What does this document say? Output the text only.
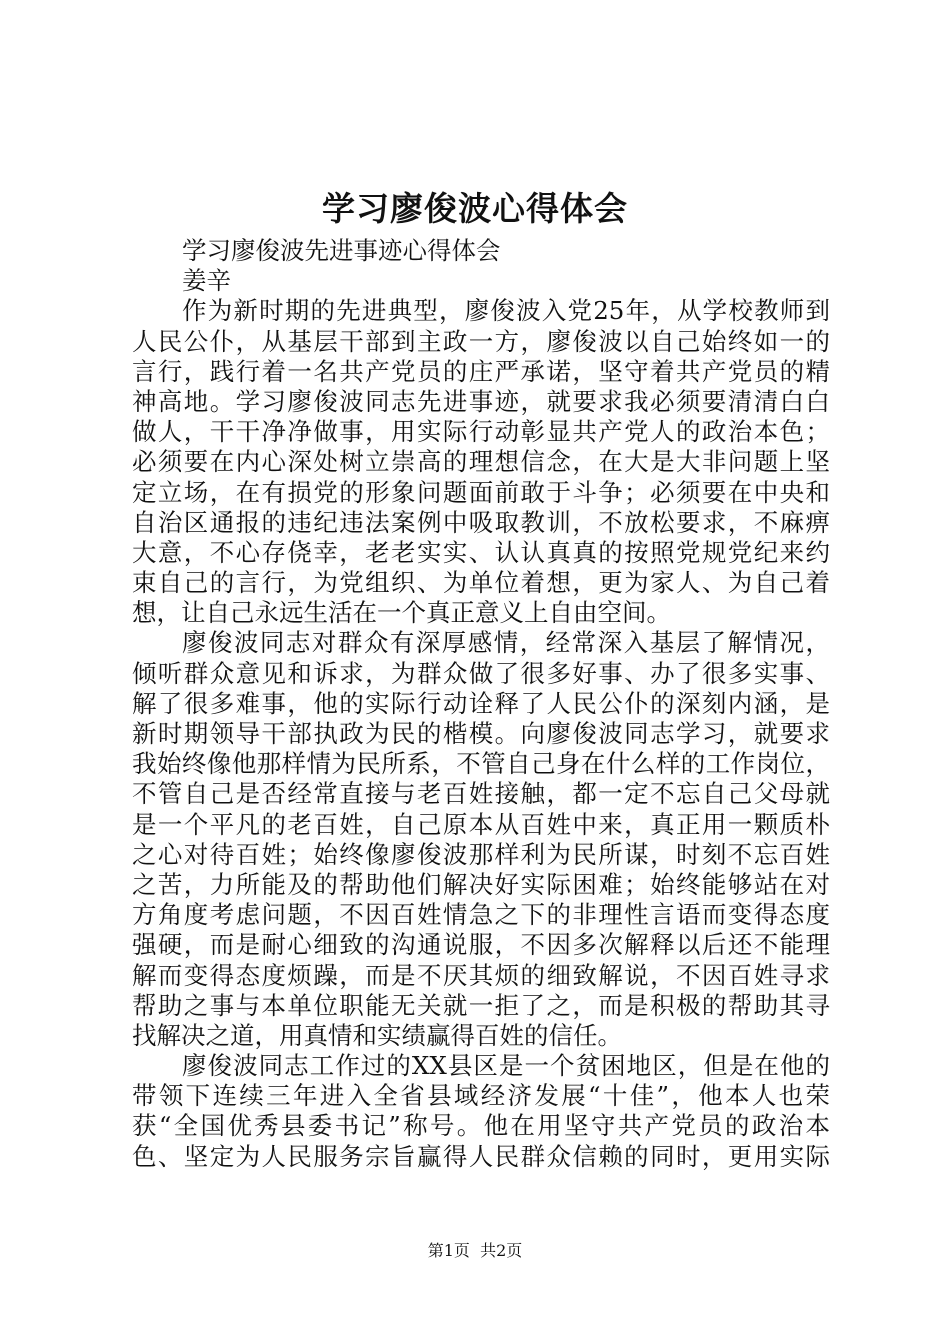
学习廖俊波心得体会
学习廖俊波先进事迹心得体会
姜辛
作为新时期的先进典型，廖俊波入党25年，从学校教师到
人民公仆，从基层干部到主政一方，廖俊波以自己始终如一的
言行，践行着一名共产党员的庄严承诺，坚守着共产党员的精
神高地。学习廖俊波同志先进事迹，就要求我必须要清清白白
做人，干干净净做事，用实际行动彰显共产党人的政治本色；
必须要在内心深处树立崇高的理想信念，在大是大非问题上坚
定立场，在有损党的形象问题面前敢于斗争；必须要在中央和
自治区通报的违纪违法案例中吸取教训，不放松要求，不麻痹
大意，不心存侥幸，老老实实、认认真真的按照党规党纪来约
束自己的言行，为党组织、为单位着想，更为家人、为自己着
想，让自己永远生活在一个真正意义上自由空间。
廖俊波同志对群众有深厚感情，经常深入基层了解情况，
倾听群众意见和诉求，为群众做了很多好事、办了很多实事、
解了很多难事，他的实际行动诠释了人民公仆的深刻内涵，是
新时期领导干部执政为民的楷模。向廖俊波同志学习，就要求
我始终像他那样情为民所系，不管自己身在什么样的工作岗位，
不管自己是否经常直接与老百姓接触，都一定不忘自己父母就
是一个平凡的老百姓，自己原本从百姓中来，真正用一颗质朴
之心对待百姓；始终像廖俊波那样利为民所谋，时刻不忘百姓
之苦，力所能及的帮助他们解决好实际困难；始终能够站在对
方角度考虑问题，不因百姓情急之下的非理性言语而变得态度
强硬，而是耐心细致的沟通说服，不因多次解释以后还不能理
解而变得态度烦躁，而是不厌其烦的细致解说，不因百姓寻求
帮助之事与本单位职能无关就一拒了之，而是积极的帮助其寻
找解决之道，用真情和实绩赢得百姓的信任。
廖俊波同志工作过的XX县区是一个贫困地区，但是在他的
带领下连续三年进入全省县域经济发展“十佳”，他本人也荣
获“全国优秀县委书记”称号。他在用坚守共产党员的政治本
色、坚定为人民服务宗旨赢得人民群众信赖的同时，更用实际
第1页  共2页
